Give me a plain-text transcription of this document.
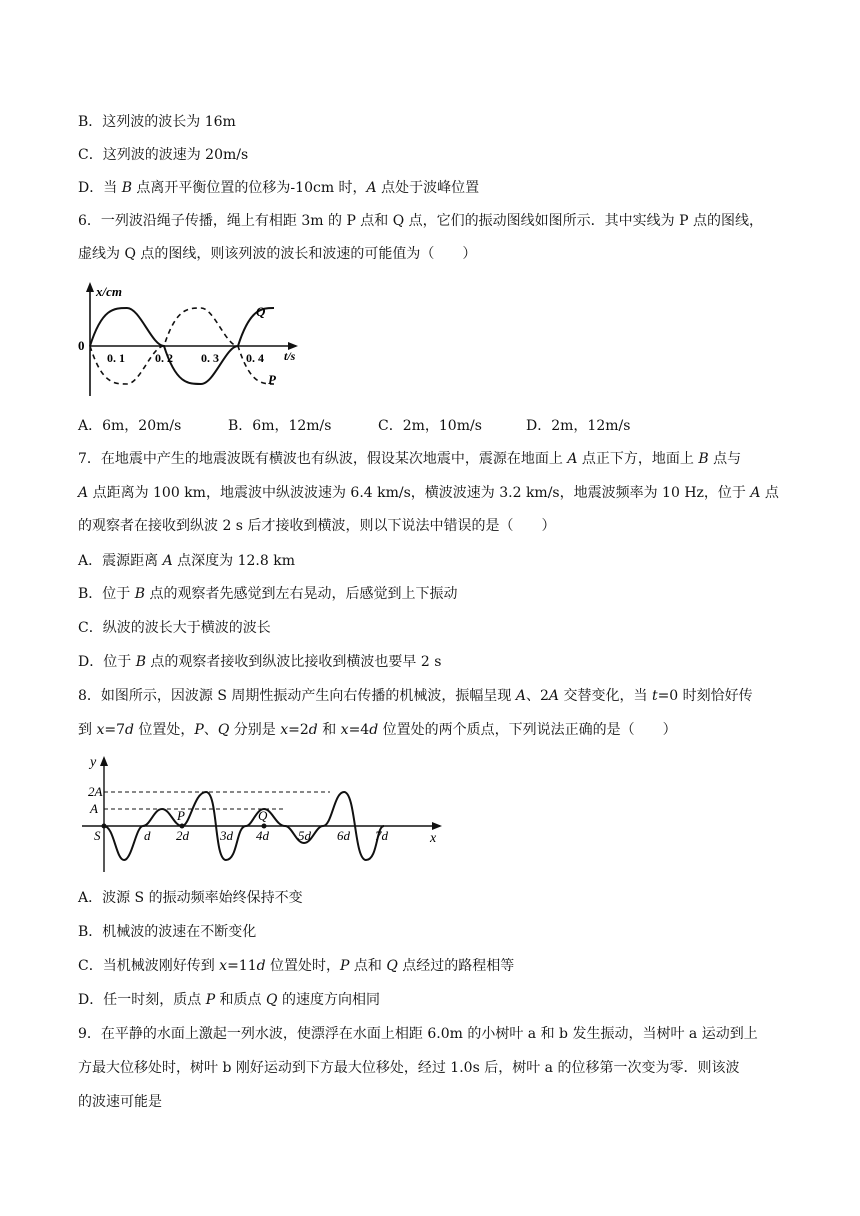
B．这列波的波长为 16m
C．这列波的波速为 20m/s
D．当 B 点离开平衡位置的位移为-10cm 时，A 点处于波峰位置
6．一列波沿绳子传播，绳上有相距 3m 的 P 点和 Q 点，它们的振动图线如图所示．其中实线为 P 点的图线，
虚线为 Q 点的图线，则该列波的波长和波速的可能值为（　　）
x/cm
0
t/s
0. 1	0. 2 0. 3 0. 4
Q
P
A．6m，20m/s	B．6m，12m/s	C．2m，10m/s	D．2m，12m/s
7．在地震中产生的地震波既有横波也有纵波，假设某次地震中，震源在地面上 A 点正下方，地面上 B 点与
A 点距离为 100 km，地震波中纵波波速为 6.4 km/s，横波波速为 3.2 km/s，地震波频率为 10 Hz，位于 A 点
的观察者在接收到纵波 2 s 后才接收到横波，则以下说法中错误的是（　　）
A．震源距离 A 点深度为 12.8 km
B．位于 B 点的观察者先感觉到左右晃动，后感觉到上下振动
C．纵波的波长大于横波的波长
D．位于 B 点的观察者接收到纵波比接收到横波也要早 2 s
8．如图所示，因波源 S 周期性振动产生向右传播的机械波，振幅呈现 A、2A 交替变化，当 t=0 时刻恰好传
到 x=7d 位置处，P、Q 分别是 x=2d 和 x=4d 位置处的两个质点，下列说法正确的是（　　）
y
x
2A
A
S
P	Q
d 2d 3d 4d 5d 6d 7d
A．波源 S 的振动频率始终保持不变
B．机械波的波速在不断变化
C．当机械波刚好传到 x=11d 位置处时，P 点和 Q 点经过的路程相等
D．任一时刻，质点 P 和质点 Q 的速度方向相同
9．在平静的水面上激起一列水波，使漂浮在水面上相距 6.0m 的小树叶 a 和 b 发生振动，当树叶 a 运动到上
方最大位移处时，树叶 b 刚好运动到下方最大位移处，经过 1.0s 后，树叶 a 的位移第一次变为零．则该波
的波速可能是
